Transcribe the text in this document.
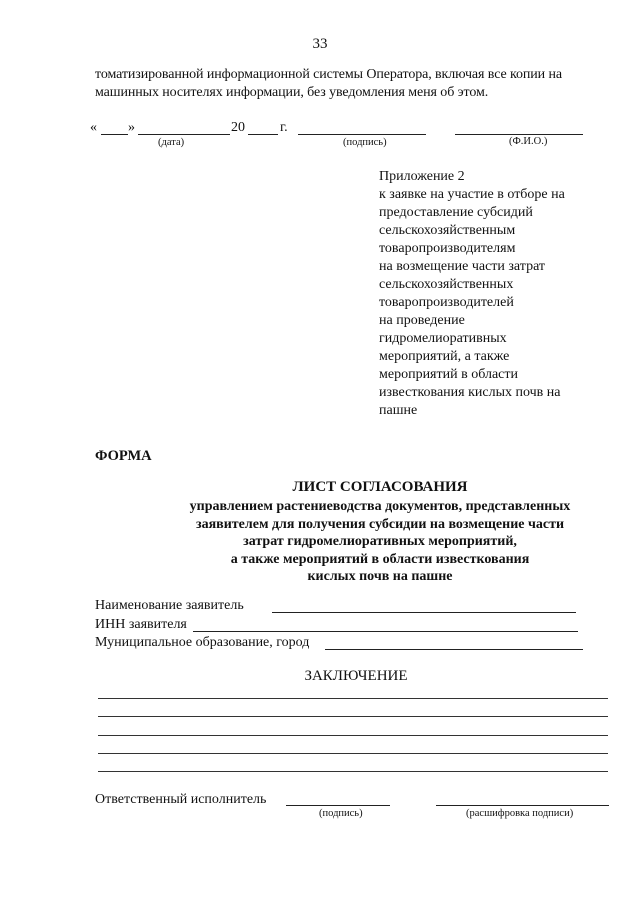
33
томатизированной информационной системы Оператора, включая все копии на
машинных носителях информации, без уведомления меня об этом.
« »	20	г.
(дата)	(подпись)	(Ф.И.О.)
Приложение 2
к заявке на участие в отборе на
предоставление субсидий
сельскохозяйственным
товаропроизводителям
на возмещение части затрат
сельскохозяйственных
товаропроизводителей
на проведение
гидромелиоративных
мероприятий, а также
мероприятий в области
известкования кислых почв на
пашне
ФОРМА
ЛИСТ СОГЛАСОВАНИЯ
управлением растениеводства документов, представленных
заявителем для получения субсидии на возмещение части
затрат гидромелиоративных мероприятий,
а также мероприятий в области известкования
кислых почв на пашне
Наименование заявитель
ИНН заявителя
Муниципальное образование, город
ЗАКЛЮЧЕНИЕ
Ответственный исполнитель
(подпись)	(расшифровка подписи)
